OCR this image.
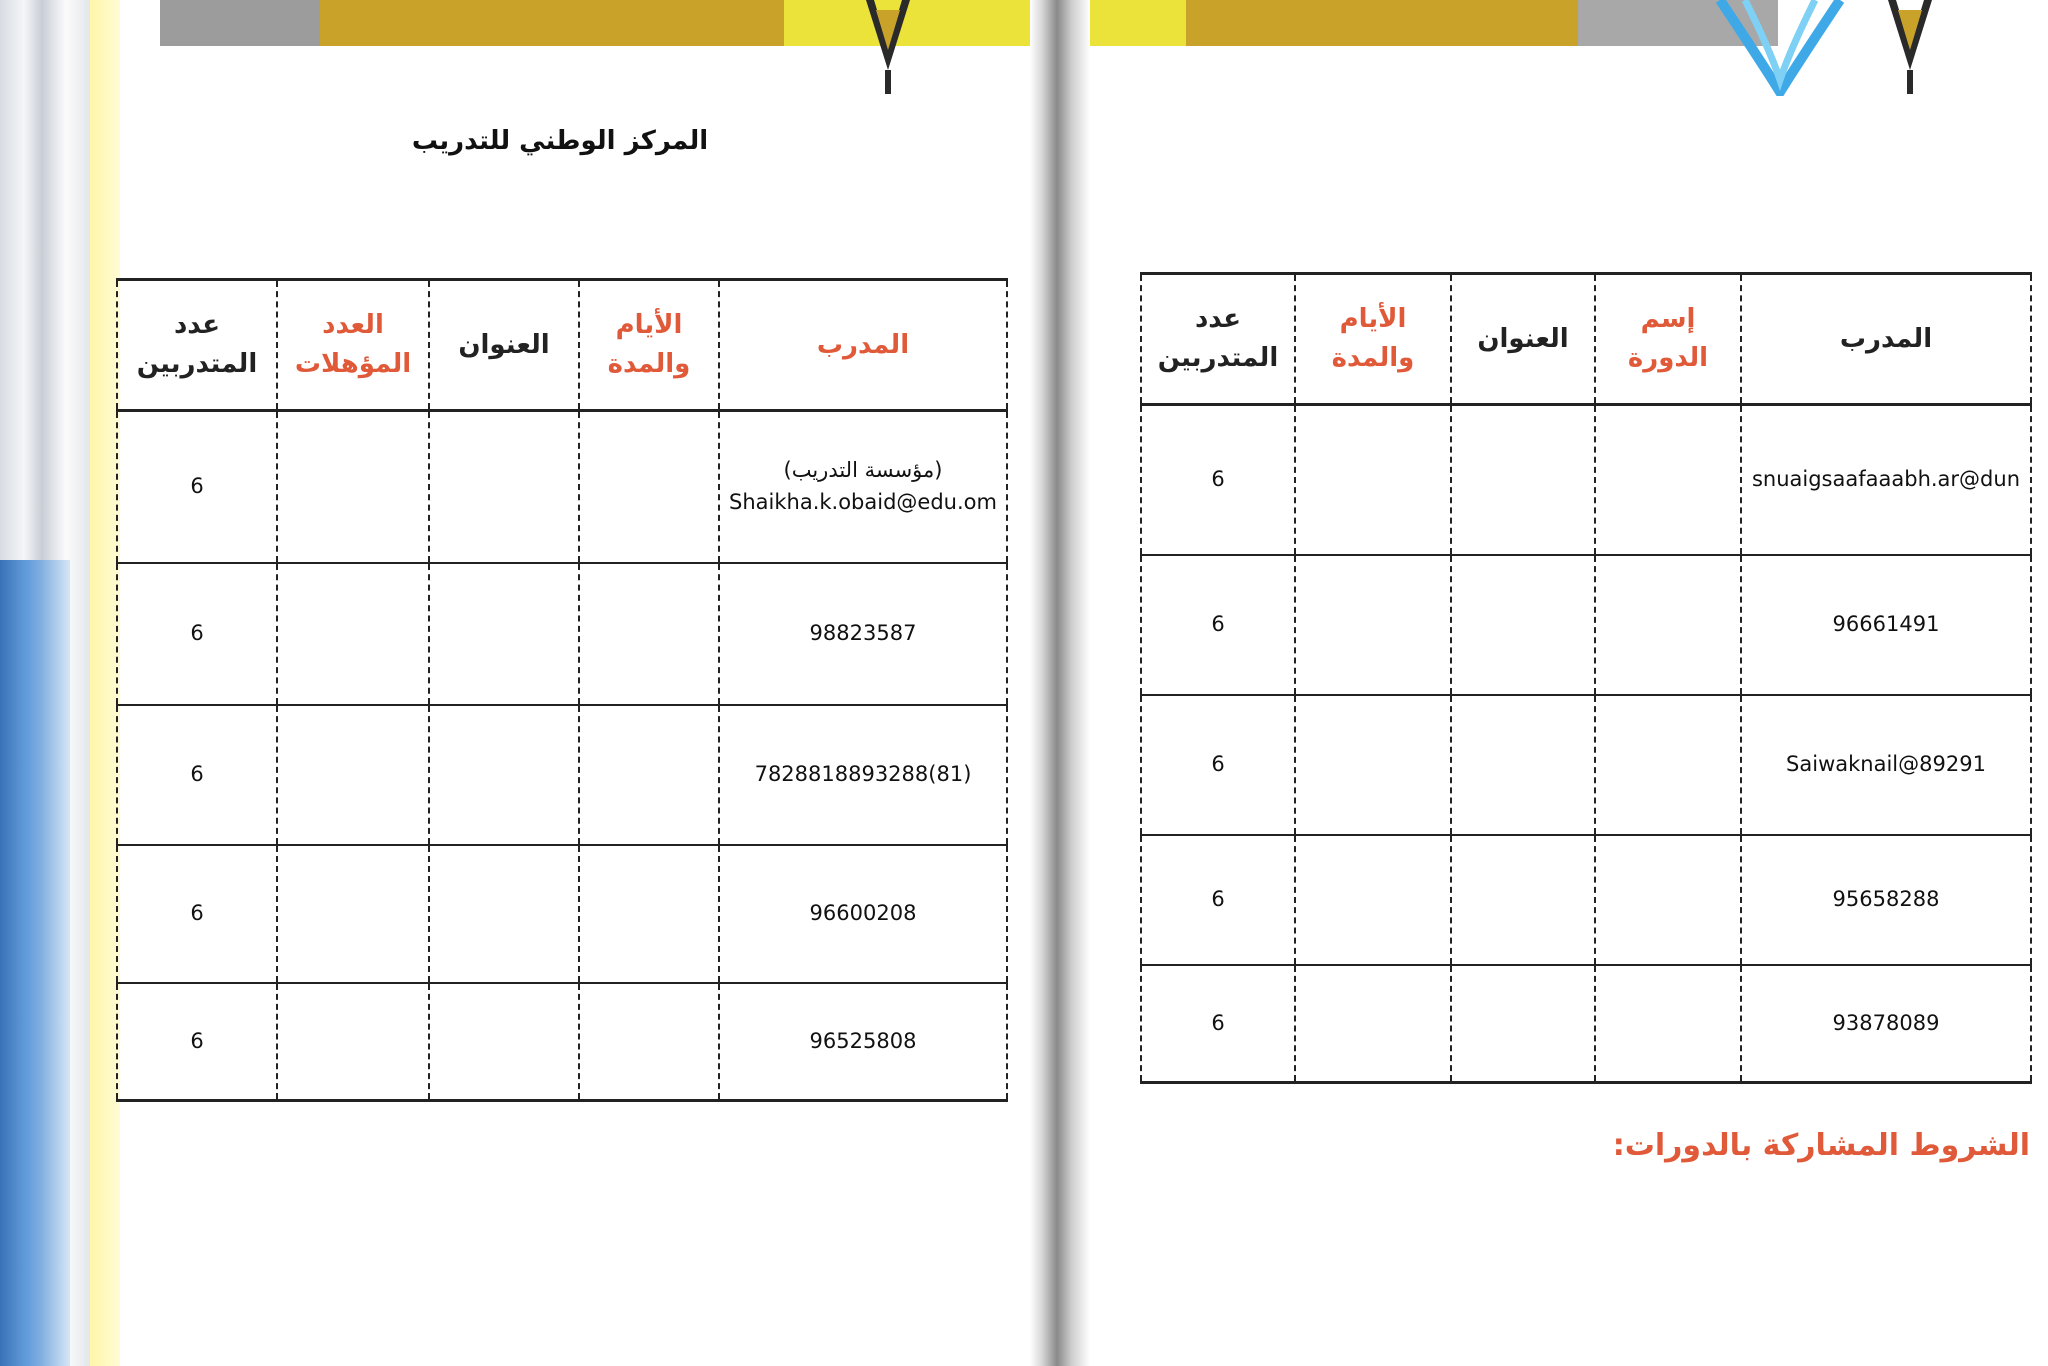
المركز الوطني للتدريب
المدرب	الأيام والمدة	العنوان	العدد المؤهلات	عدد المتدربين

(مؤسسة التدريب)
Shaikha.k.obaid@edu.om				6

98823587				6

(81)7828818893288				6

96600208				6

96525808				6
المدرب	إسم الدورة	العنوان	الأيام والمدة	عدد المتدربين

snuaigsaafaaabh.ar@dun				6

96661491				6

Saiwaknail@89291				6

95658288				6

93878089				6
الشروط المشاركة بالدورات:
